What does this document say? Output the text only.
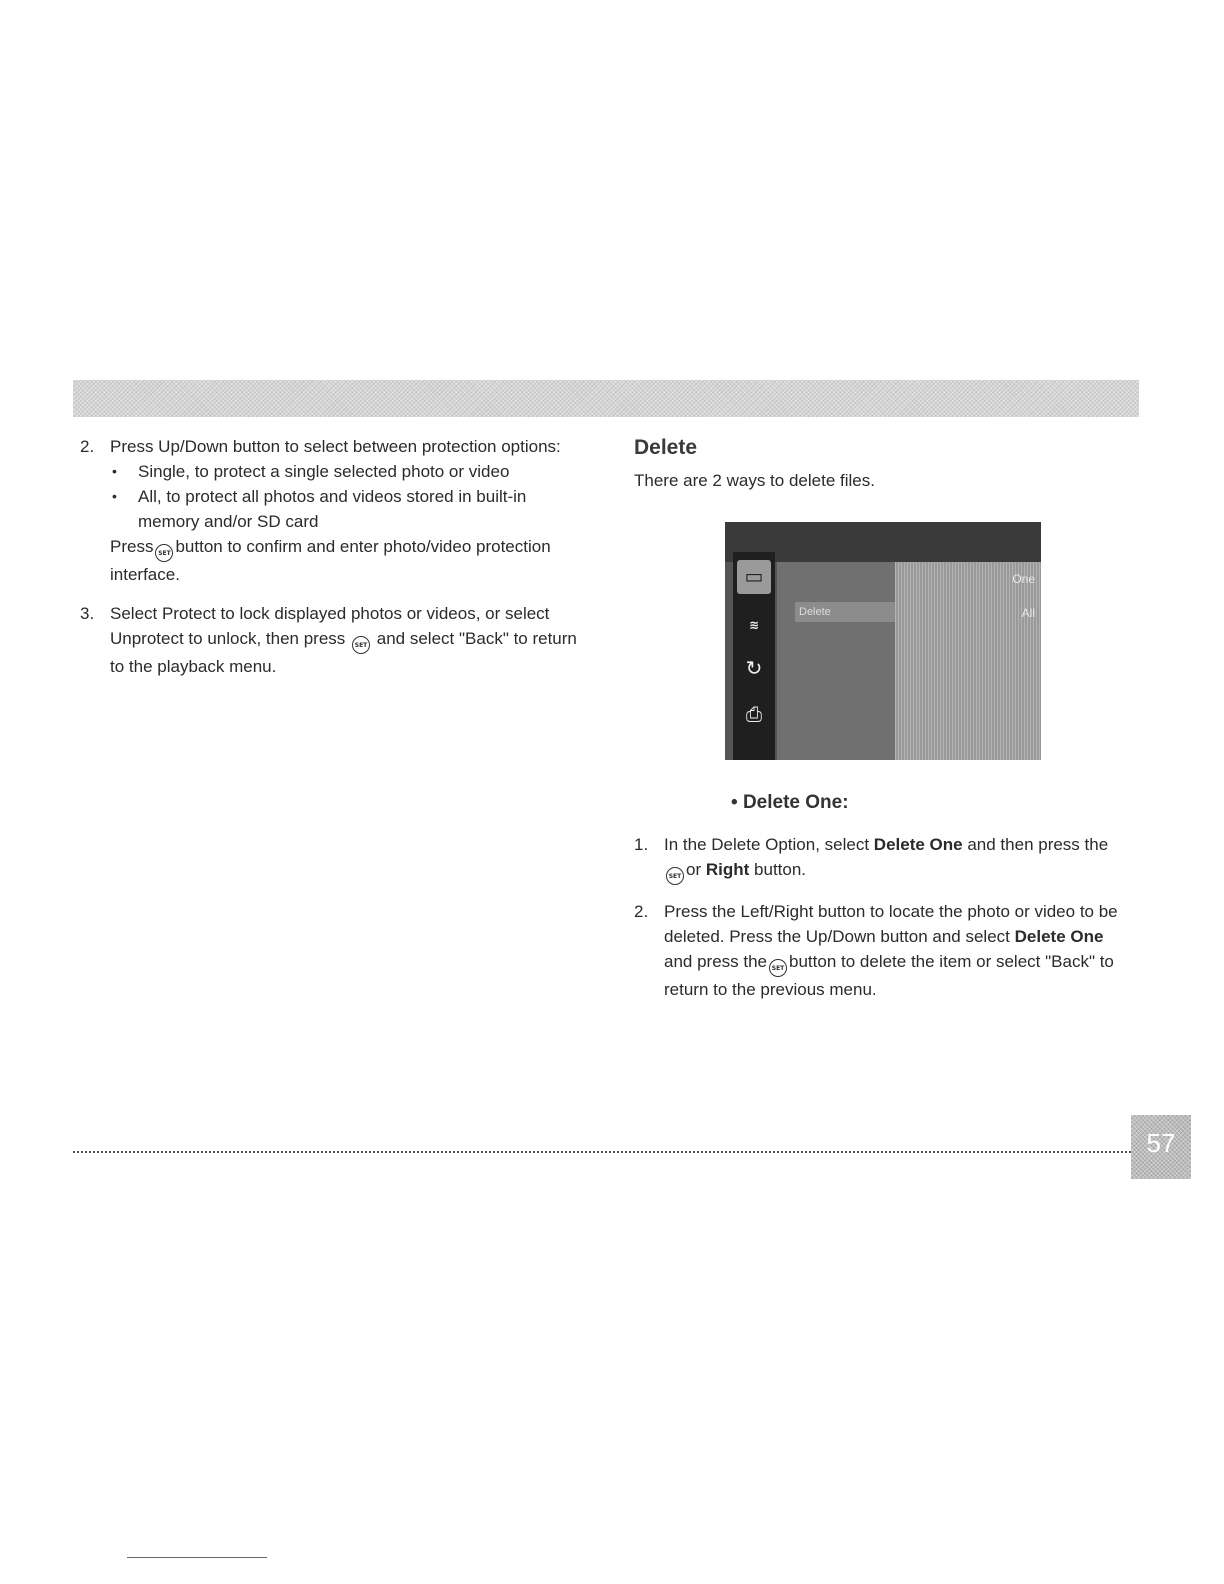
2. Press Up/Down button to select between protection options:
• Single, to protect a single selected photo or video
• All, to protect all photos and videos stored in built-in memory and/or SD card
Press SET button to confirm and enter photo/video protection interface.
3. Select Protect to lock displayed photos or videos, or select Unprotect to unlock, then press SET and select "Back" to return to the playback menu.
Delete
There are 2 ways to delete files.
▭
≋
↻
⎙
Delete
One
All
• Delete One:
1. In the Delete Option, select Delete One and then press theSET or Right button.
2. Press the Left/Right button to locate the photo or video to be deleted. Press the Up/Down button and select Delete One and press the SET button to delete the item or select "Back" to return to the previous menu.
57
